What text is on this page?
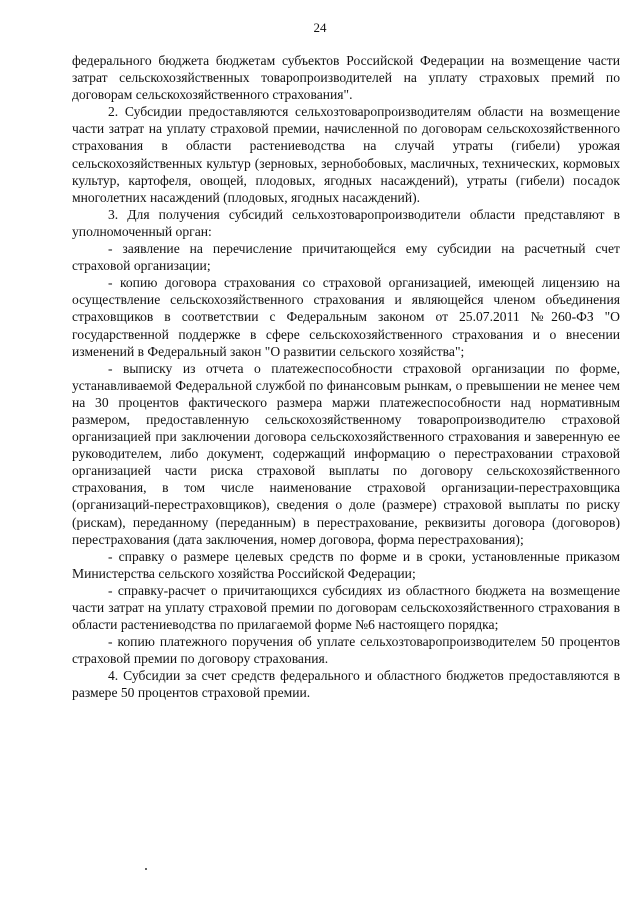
24

федерального бюджета бюджетам субъектов Российской Федерации на возмещение части затрат сельскохозяйственных товаропроизводителей на уплату страховых премий по договорам сельскохозяйственного страхования".

2. Субсидии предоставляются сельхозтоваропроизводителям области на возмещение части затрат на уплату страховой премии, начисленной по договорам сельскохозяйственного страхования в области растениеводства на случай утраты (гибели) урожая сельскохозяйственных культур (зерновых, зернобобовых, масличных, технических, кормовых культур, картофеля, овощей, плодовых, ягодных насаждений), утраты (гибели) посадок многолетних насаждений (плодовых, ягодных насаждений).

3. Для получения субсидий сельхозтоваропроизводители области представляют в уполномоченный орган:

- заявление на перечисление причитающейся ему субсидии на расчетный счет страховой организации;

- копию договора страхования со страховой организацией, имеющей лицензию на осуществление сельскохозяйственного страхования и являющейся членом объединения страховщиков в соответствии с Федеральным законом от 25.07.2011 №260-ФЗ "О государственной поддержке в сфере сельскохозяйственного страхования и о внесении изменений в Федеральный закон "О развитии сельского хозяйства";

- выписку из отчета о платежеспособности страховой организации по форме, устанавливаемой Федеральной службой по финансовым рынкам, о превышении не менее чем на 30 процентов фактического размера маржи платежеспособности над нормативным размером, предоставленную сельскохозяйственному товаропроизводителю страховой организацией при заключении договора сельскохозяйственного страхования и заверенную ее руководителем, либо документ, содержащий информацию о перестраховании страховой организацией части риска страховой выплаты по договору сельскохозяйственного страхования, в том числе наименование страховой организации-перестраховщика (организаций-перестраховщиков), сведения о доле (размере) страховой выплаты по риску (рискам), переданному (переданным) в перестрахование, реквизиты договора (договоров) перестрахования (дата заключения, номер договора, форма перестрахования);

- справку о размере целевых средств по форме и в сроки, установленные приказом Министерства сельского хозяйства Российской Федерации;

- справку-расчет о причитающихся субсидиях из областного бюджета на возмещение части затрат на уплату страховой премии по договорам сельскохозяйственного страхования в области растениеводства по прилагаемой форме №6 настоящего порядка;

- копию платежного поручения об уплате сельхозтоваропроизводителем 50 процентов страховой премии по договору страхования.

4. Субсидии за счет средств федерального и областного бюджетов предоставляются в размере 50 процентов страховой премии.
